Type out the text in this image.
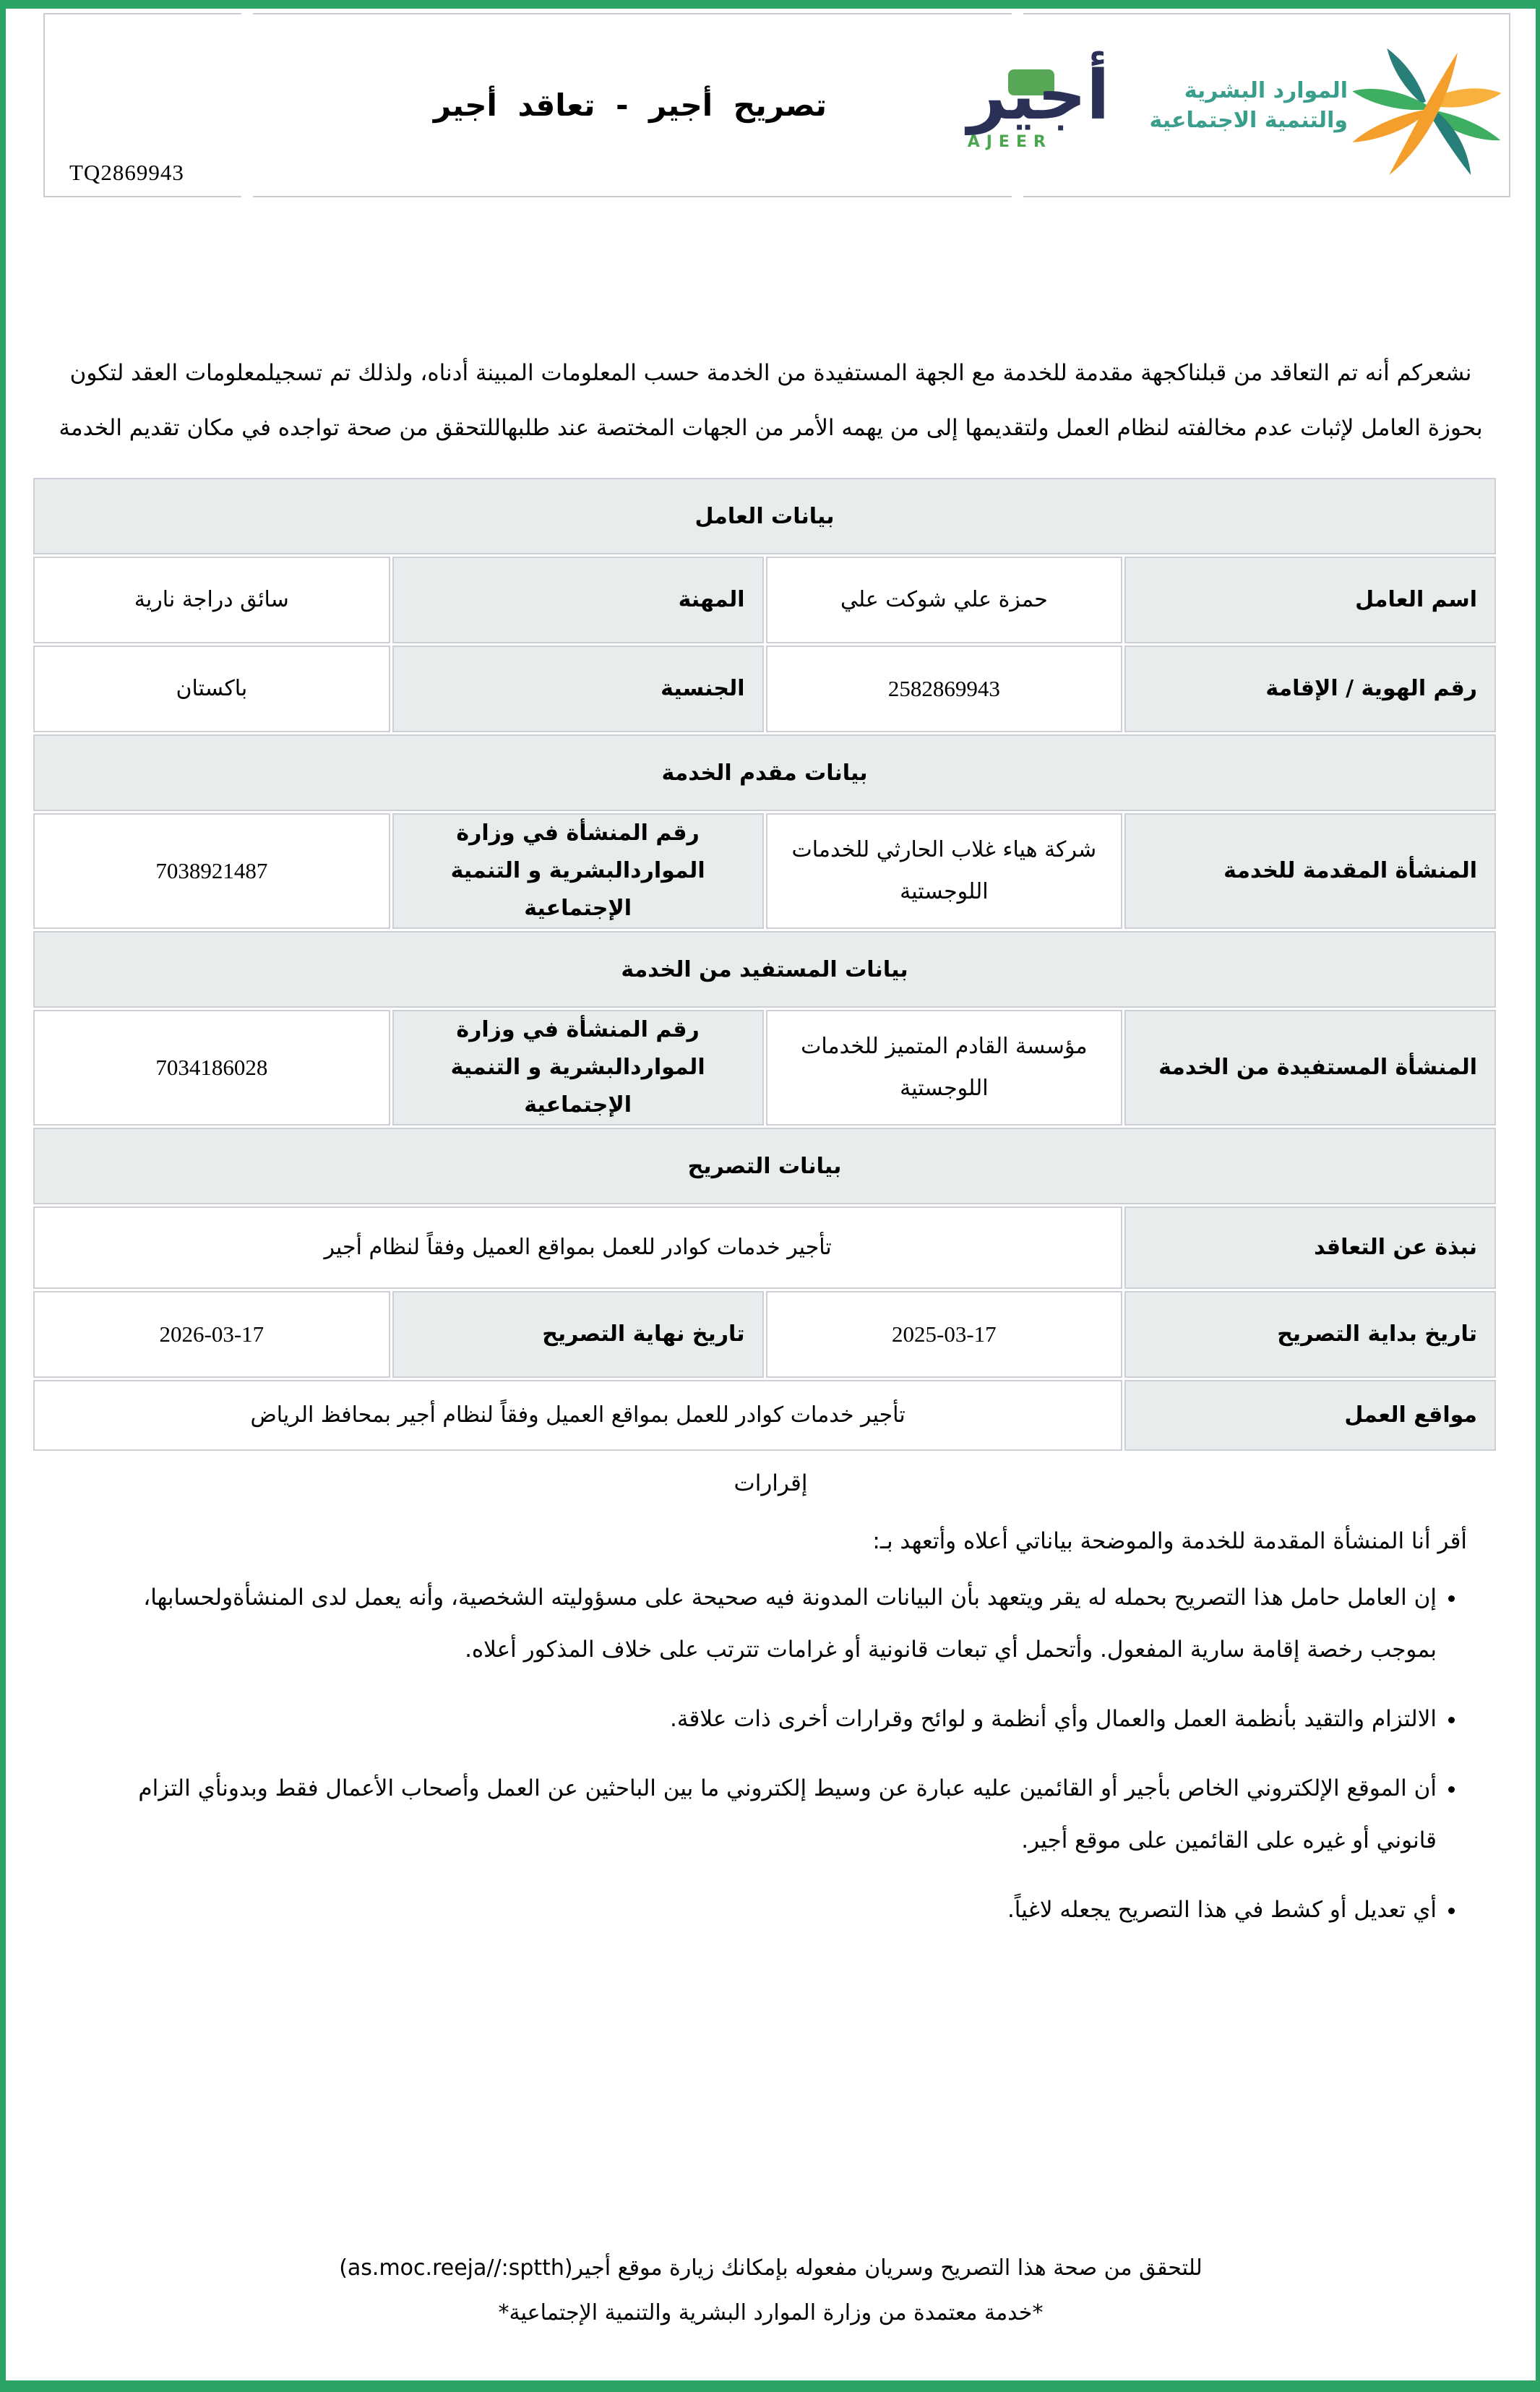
TQ2869943
تصريح أجير - تعاقد أجير أجير
AJEER
الموارد البشرية
والتنمية الاجتماعية

نشعركم أنه تم التعاقد من قبلناكجهة مقدمة للخدمة مع الجهة المستفيدة من الخدمة حسب المعلومات المبينة أدناه، ولذلك تم تسجيلمعلومات العقد لتكون بحوزة العامل لإثبات عدم مخالفته لنظام العمل ولتقديمها إلى من يهمه الأمر من الجهات المختصة عند طلبهاللتحقق من صحة تواجده في مكان تقديم الخدمة

بيانات العامل			
اسم العامل	حمزة علي شوكت علي	المهنة	سائق دراجة نارية
رقم الهوية / الإقامة	2582869943	الجنسية	باكستان
بيانات مقدم الخدمة			
المنشأة المقدمة للخدمة	شركة هياء غلاب الحارثي للخدمات اللوجستية	رقم المنشأة في وزارة المواردالبشرية و التنمية الإجتماعية	7038921487
بيانات المستفيد من الخدمة			
المنشأة المستفيدة من الخدمة	مؤسسة القادم المتميز للخدمات اللوجستية	رقم المنشأة في وزارة المواردالبشرية و التنمية الإجتماعية	7034186028
بيانات التصريح			
نبذة عن التعاقد	تأجير خدمات كوادر للعمل بمواقع العميل وفقاً لنظام أجير		
تاريخ بداية التصريح	2025-03-17	تاريخ نهاية التصريح	2026-03-17
مواقع العمل	تأجير خدمات كوادر للعمل بمواقع العميل وفقاً لنظام أجير بمحافظ الرياض		
إقرارات

أقر أنا المنشأة المقدمة للخدمة والموضحة بياناتي أعلاه وأتعهد بـ:

• إن العامل حامل هذا التصريح بحمله له يقر ويتعهد بأن البيانات المدونة فيه صحيحة على مسؤوليته الشخصية، وأنه يعمل لدى المنشأةولحسابها، بموجب رخصة إقامة سارية المفعول. وأتحمل أي تبعات قانونية أو غرامات تترتب على خلاف المذكور أعلاه.
• الالتزام والتقيد بأنظمة العمل والعمال وأي أنظمة و لوائح وقرارات أخرى ذات علاقة.
• أن الموقع الإلكتروني الخاص بأجير أو القائمين عليه عبارة عن وسيط إلكتروني ما بين الباحثين عن العمل وأصحاب الأعمال فقط وبدونأي التزام قانوني أو غيره على القائمين على موقع أجير.
• أي تعديل أو كشط في هذا التصريح يجعله لاغياً.
للتحقق من صحة هذا التصريح وسريان مفعوله بإمكانك زيارة موقع أجير(as.moc.reeja//:sptth)
*خدمة معتمدة من وزارة الموارد البشرية والتنمية الإجتماعية*
